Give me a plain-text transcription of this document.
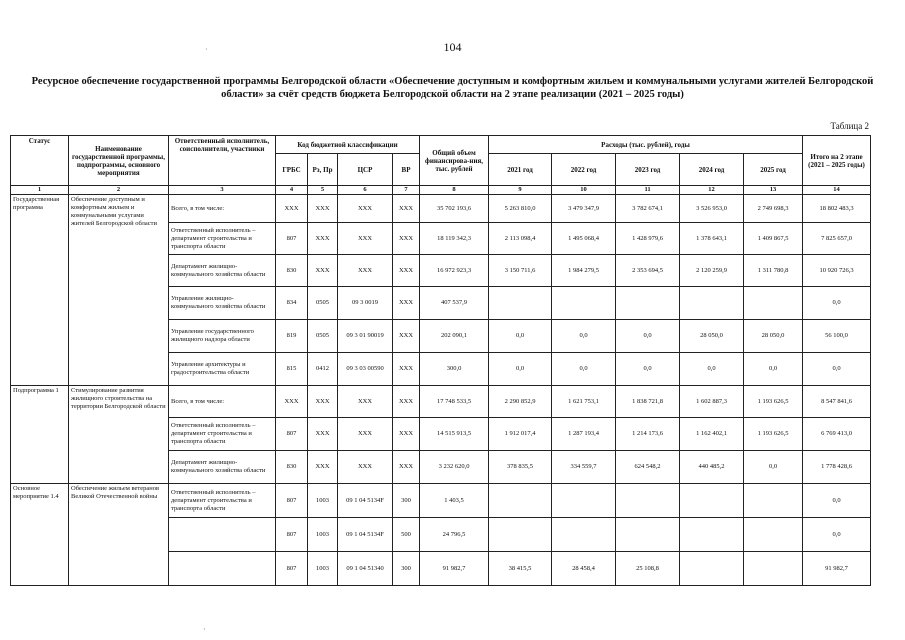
104
Ресурсное обеспечение государственной программы Белгородской области «Обеспечение доступным и комфортным жильем и коммунальными услугами жителей Белгородской области» за счёт средств бюджета Белгородской области на 2 этапе реализации (2021 – 2025 годы)
Таблица 2
·
Статус	Наименование государственной программы, подпрограммы, основного мероприятия	Ответственный исполнитель, соисполнители, участники	Код бюджетной классификации				Общий объем финансирова-ния, тыс. рублей	Расходы (тыс. рублей), годы					Итого на 2 этапе (2021 – 2025 годы)
			ГРБС	Рз, Пр	ЦСР	ВР		2021 год	2022 год	2023 год	2024 год	2025 год	
1	2	3	4	5	6	7	8	9	10	11	12	13	14
Государственная программа	Обеспечение доступным и комфортным жильем и коммунальными услугами жителей Белгородской области	Всего, в том числе:	ХХХ	ХХХ	ХХХ	ХХХ	35 702 193,6	5 263 810,0	3 479 347,9	3 782 674,1	3 526 953,0	2 749 698,3	18 802 483,3
		Ответственный исполнитель – департамент строительства и транспорта области	807	ХХХ	ХХХ	ХХХ	18 119 342,3	2 113 098,4	1 495 068,4	1 428 979,6	1 378 643,1	1 409 867,5	7 825 657,0
		Департамент жилищно-коммунального хозяйства области	830	ХХХ	ХХХ	ХХХ	16 972 923,3	3 150 711,6	1 984 279,5	2 353 694,5	2 120 259,9	1 311 780,8	10 920 726,3
		Управление жилищно-коммунального хозяйства области	834	0505	09 3 0019	ХХХ	407 537,9						0,0
		Управление государственного жилищного надзора области	819	0505	09 3 01 90019	ХХХ	202 090,1	0,0	0,0	0,0	28 050,0	28 050,0	56 100,0
		Управление архитектуры и градостроительства области	815	0412	09 3 03 00590	ХХХ	300,0	0,0	0,0	0,0	0,0	0,0	0,0
Подпрограмма 1	Стимулирование развития жилищного строительства на территории Белгородской области	Всего, в том числе:	ХХХ	ХХХ	ХХХ	ХХХ	17 748 533,5	2 290 852,9	1 621 753,1	1 838 721,8	1 602 887,3	1 193 626,5	8 547 841,6
		Ответственный исполнитель – департамент строительства и транспорта области	807	ХХХ	ХХХ	ХХХ	14 515 913,5	1 912 017,4	1 287 193,4	1 214 173,6	1 162 402,1	1 193 626,5	6 769 413,0
		Департамент жилищно-коммунального хозяйства области	830	ХХХ	ХХХ	ХХХ	3 232 620,0	378 835,5	334 559,7	624 548,2	440 485,2	0,0	1 778 428,6
Основное мероприятие 1.4	Обеспечение жильем ветеранов Великой Отечественной войны	Ответственный исполнитель – департамент строительства и транспорта области	807	1003	09 1 04 5134F	300	1 403,5						0,0
			807	1003	09 1 04 5134F	500	24 796,5						0,0
			807	1003	09 1 04 51340	300	91 982,7	38 415,5	28 458,4	25 108,8			91 982,7
·
